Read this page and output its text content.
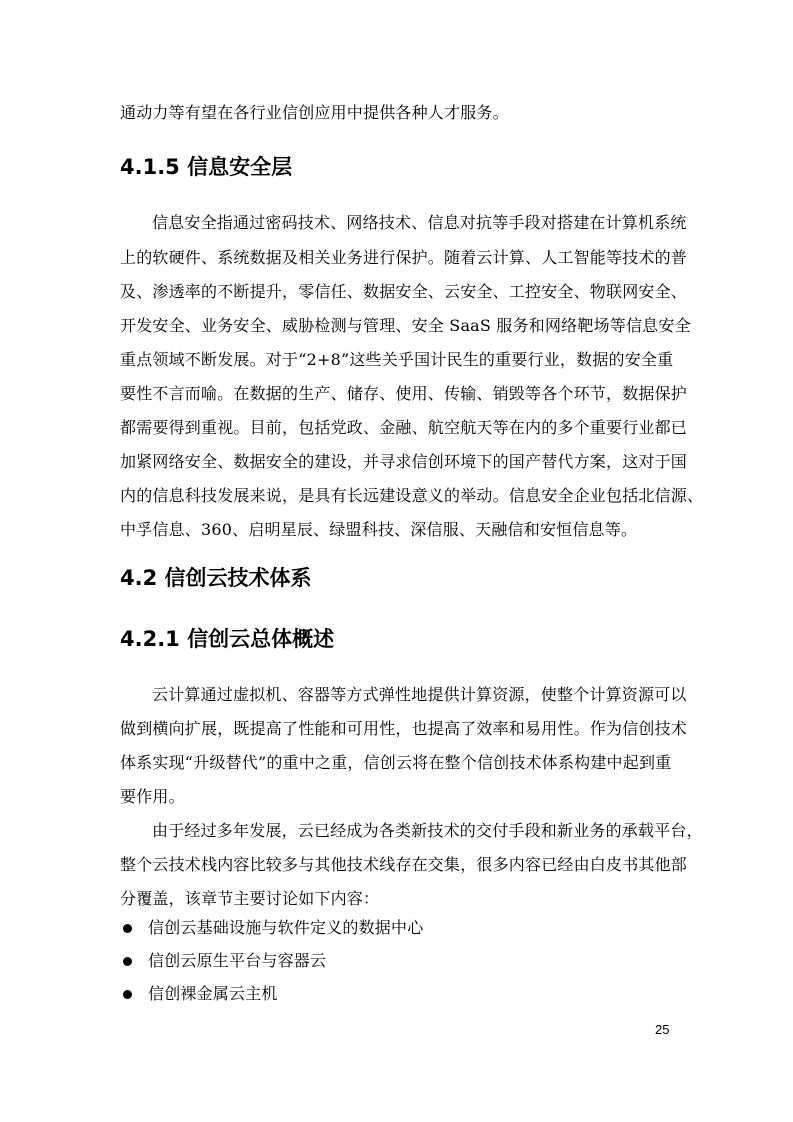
通动力等有望在各行业信创应用中提供各种人才服务。
4.1.5 信息安全层
信息安全指通过密码技术、网络技术、信息对抗等手段对搭建在计算机系统
上的软硬件、系统数据及相关业务进行保护。随着云计算、人工智能等技术的普
及、渗透率的不断提升，零信任、数据安全、云安全、工控安全、物联网安全、
开发安全、业务安全、威胁检测与管理、安全 SaaS 服务和网络靶场等信息安全
重点领域不断发展。对于“2+8”这些关乎国计民生的重要行业，数据的安全重
要性不言而喻。在数据的生产、储存、使用、传输、销毁等各个环节，数据保护
都需要得到重视。目前，包括党政、金融、航空航天等在内的多个重要行业都已
加紧网络安全、数据安全的建设，并寻求信创环境下的国产替代方案，这对于国
内的信息科技发展来说，是具有长远建设意义的举动。信息安全企业包括北信源、
中孚信息、360、启明星辰、绿盟科技、深信服、天融信和安恒信息等。
4.2 信创云技术体系
4.2.1 信创云总体概述
云计算通过虚拟机、容器等方式弹性地提供计算资源，使整个计算资源可以
做到横向扩展，既提高了性能和可用性，也提高了效率和易用性。作为信创技术
体系实现“升级替代”的重中之重，信创云将在整个信创技术体系构建中起到重
要作用。
由于经过多年发展，云已经成为各类新技术的交付手段和新业务的承载平台，
整个云技术栈内容比较多与其他技术线存在交集，很多内容已经由白皮书其他部
分覆盖，该章节主要讨论如下内容：
信创云基础设施与软件定义的数据中心
信创云原生平台与容器云
信创裸金属云主机
25
